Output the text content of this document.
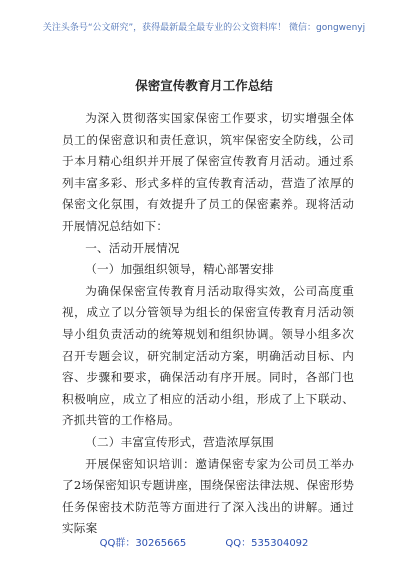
关注头条号“公文研究”，获得最新最全最专业的公文资料库！ 微信：gongwenyj
保密宣传教育月工作总结

为深入贯彻落实国家保密工作要求，切实增强全体员工的保密意识和责任意识，筑牢保密安全防线，公司于本月精心组织并开展了保密宣传教育月活动。通过系列丰富多彩、形式多样的宣传教育活动，营造了浓厚的保密文化氛围，有效提升了员工的保密素养。现将活动开展情况总结如下：

一、活动开展情况

（一）加强组织领导，精心部署安排

为确保保密宣传教育月活动取得实效，公司高度重视，成立了以分管领导为组长的保密宣传教育月活动领导小组负责活动的统筹规划和组织协调。领导小组多次召开专题会议，研究制定活动方案，明确活动目标、内容、步骤和要求，确保活动有序开展。同时，各部门也积极响应，成立了相应的活动小组，形成了上下联动、齐抓共管的工作格局。

（二）丰富宣传形式，营造浓厚氛围

开展保密知识培训：邀请保密专家为公司员工举办了2场保密知识专题讲座，围绕保密法律法规、保密形势任务保密技术防范等方面进行了深入浅出的讲解。通过实际案

QQ群：30265665	QQ：535304092
